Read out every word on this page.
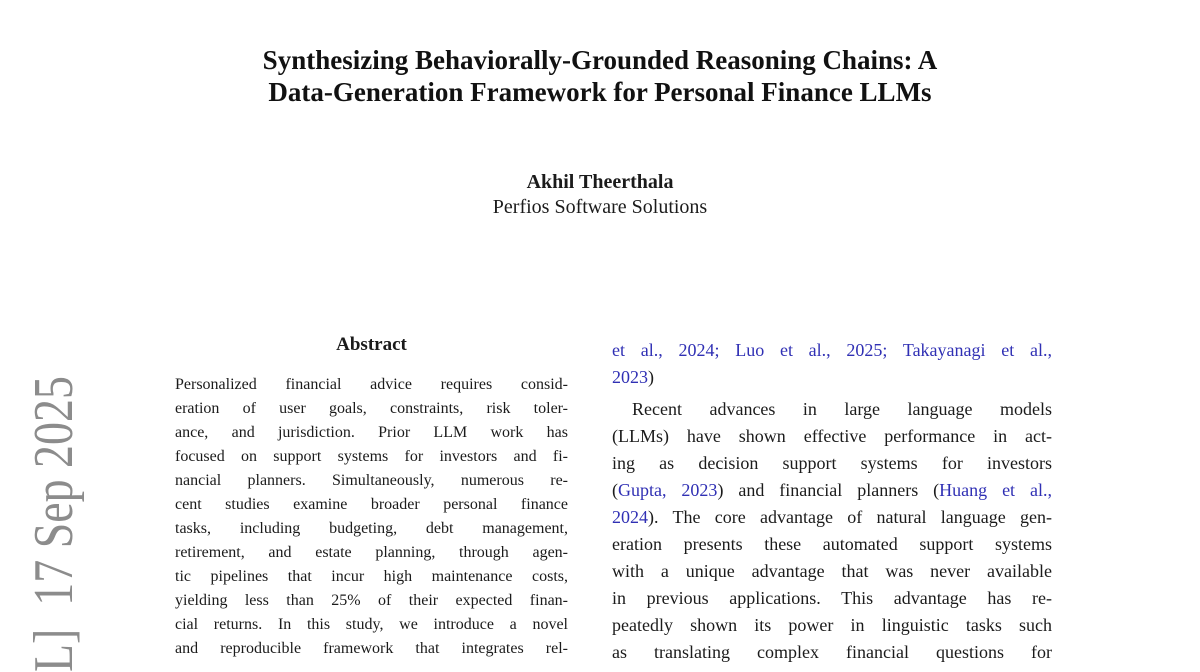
L]  17 Sep 2025
Synthesizing Behaviorally-Grounded Reasoning Chains: A
Data-Generation Framework for Personal Finance LLMs
Akhil Theerthala
Perfios Software Solutions
Abstract
Personalized financial advice requires consid-
eration of user goals, constraints, risk toler-
ance, and jurisdiction. Prior LLM work has
focused on support systems for investors and fi-
nancial planners. Simultaneously, numerous re-
cent studies examine broader personal finance
tasks, including budgeting, debt management,
retirement, and estate planning, through agen-
tic pipelines that incur high maintenance costs,
yielding less than 25% of their expected finan-
cial returns. In this study, we introduce a novel
and reproducible framework that integrates rel-
et al., 2024; Luo et al., 2025; Takayanagi et al.,
2023)
Recent advances in large language models
(LLMs) have shown effective performance in act-
ing as decision support systems for investors
(Gupta, 2023) and financial planners (Huang et al.,
2024). The core advantage of natural language gen-
eration presents these automated support systems
with a unique advantage that was never available
in previous applications. This advantage has re-
peatedly shown its power in linguistic tasks such
as translating complex financial questions for
